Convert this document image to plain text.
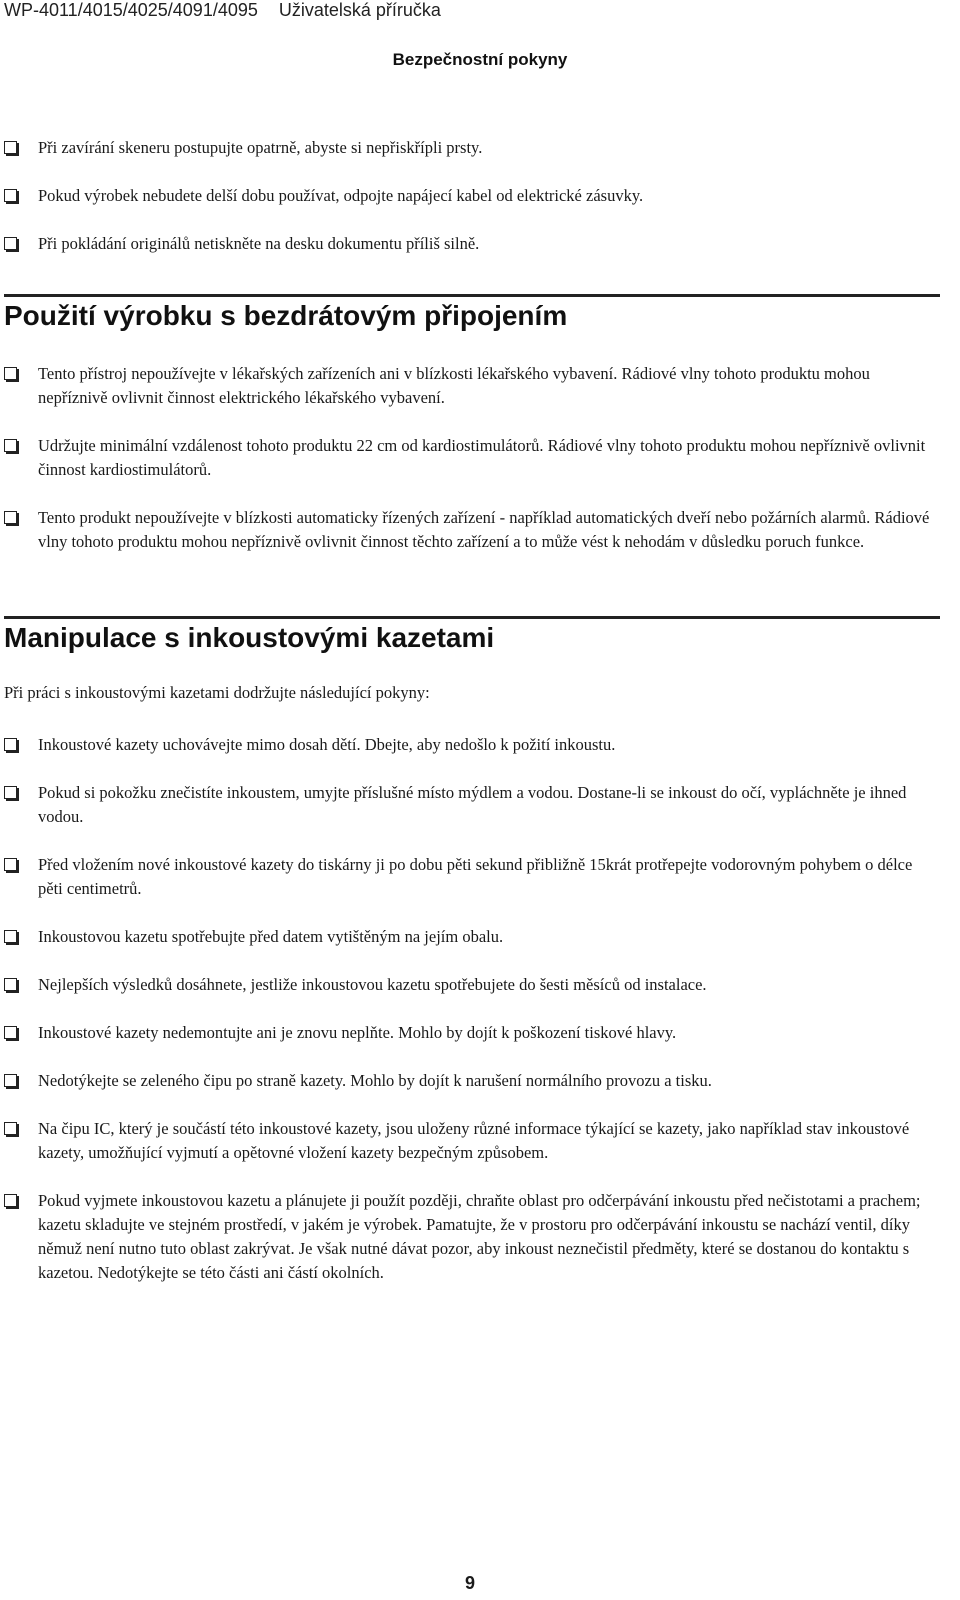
WP-4011/4015/4025/4091/4095 Uživatelská příručka
Bezpečnostní pokyny
Při zavírání skeneru postupujte opatrně, abyste si nepřiskřípli prsty.
Pokud výrobek nebudete delší dobu používat, odpojte napájecí kabel od elektrické zásuvky.
Při pokládání originálů netiskněte na desku dokumentu příliš silně.
Použití výrobku s bezdrátovým připojením
Tento přístroj nepoužívejte v lékařských zařízeních ani v blízkosti lékařského vybavení. Rádiové vlny tohoto produktu mohou nepříznivě ovlivnit činnost elektrického lékařského vybavení.
Udržujte minimální vzdálenost tohoto produktu 22 cm od kardiostimulátorů. Rádiové vlny tohoto produktu mohou nepříznivě ovlivnit činnost kardiostimulátorů.
Tento produkt nepoužívejte v blízkosti automaticky řízených zařízení - například automatických dveří nebo požárních alarmů. Rádiové vlny tohoto produktu mohou nepříznivě ovlivnit činnost těchto zařízení a to může vést k nehodám v důsledku poruch funkce.
Manipulace s inkoustovými kazetami

Při práci s inkoustovými kazetami dodržujte následující pokyny:

Inkoustové kazety uchovávejte mimo dosah dětí. Dbejte, aby nedošlo k požití inkoustu.
Pokud si pokožku znečistíte inkoustem, umyjte příslušné místo mýdlem a vodou. Dostane-li se inkoust do očí, vypláchněte je ihned vodou.
Před vložením nové inkoustové kazety do tiskárny ji po dobu pěti sekund přibližně 15krát protřepejte vodorovným pohybem o délce pěti centimetrů.
Inkoustovou kazetu spotřebujte před datem vytištěným na jejím obalu.
Nejlepších výsledků dosáhnete, jestliže inkoustovou kazetu spotřebujete do šesti měsíců od instalace.
Inkoustové kazety nedemontujte ani je znovu neplňte. Mohlo by dojít k poškození tiskové hlavy.
Nedotýkejte se zeleného čipu po straně kazety. Mohlo by dojít k narušení normálního provozu a tisku.
Na čipu IC, který je součástí této inkoustové kazety, jsou uloženy různé informace týkající se kazety, jako například stav inkoustové kazety, umožňující vyjmutí a opětovné vložení kazety bezpečným způsobem.
Pokud vyjmete inkoustovou kazetu a plánujete ji použít později, chraňte oblast pro odčerpávání inkoustu před nečistotami a prachem; kazetu skladujte ve stejném prostředí, v jakém je výrobek. Pamatujte, že v prostoru pro odčerpávání inkoustu se nachází ventil, díky němuž není nutno tuto oblast zakrývat. Je však nutné dávat pozor, aby inkoust neznečistil předměty, které se dostanou do kontaktu s kazetou. Nedotýkejte se této části ani částí okolních.
9
